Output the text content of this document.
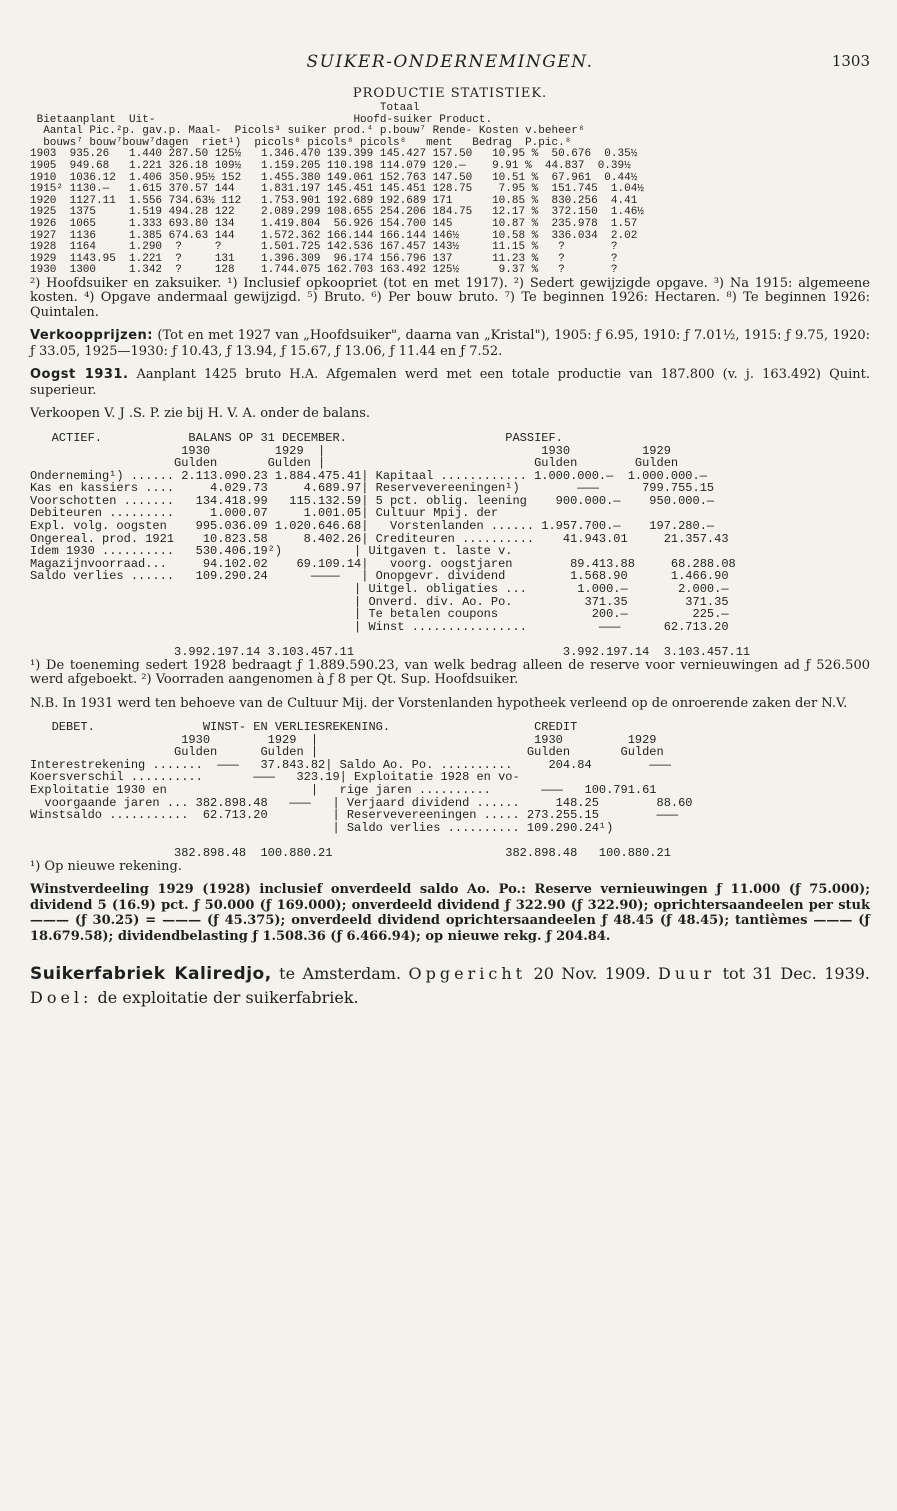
SUIKER-ONDERNEMINGEN.	1303
PRODUCTIE STATISTIEK.
Totaal
Bietaanplant  Uit-                              Hoofd-suiker Product.
Aantal Pic.²p. gav.p. Maal-  Picols³ suiker prod.⁴ p.bouw⁷ Rende- Kosten v.beheer⁸
bouws⁷ bouw⁷bouw⁷dagen  riet¹)  picols⁸ picols⁸ picols⁸   ment   Bedrag  P.pic.⁸
1903  935.26   1.440 287.50 125½   1.346.470 139.399 145.427 157.50   10.95 %  50.676  0.35½
1905  949.68   1.221 326.18 109½   1.159.205 110.198 114.079 120.—    9.91 %  44.837  0.39½
1910  1036.12  1.406 350.95½ 152   1.455.380 149.061 152.763 147.50   10.51 %  67.961  0.44½
1915² 1130.—   1.615 370.57 144    1.831.197 145.451 145.451 128.75    7.95 %  151.745  1.04½
1920  1127.11  1.556 734.63½ 112   1.753.901 192.689 192.689 171      10.85 %  830.256  4.41
1925  1375     1.519 494.28 122    2.089.299 108.655 254.206 184.75   12.17 %  372.150  1.46½
1926  1065     1.333 693.80 134    1.419.804  56.926 154.700 145      10.87 %  235.978  1.57
1927  1136     1.385 674.63 144    1.572.362 166.144 166.144 146½     10.58 %  336.034  2.02
1928  1164     1.290  ?     ?      1.501.725 142.536 167.457 143½     11.15 %   ?       ?
1929  1143.95  1.221  ?     131    1.396.309  96.174 156.796 137      11.23 %   ?       ?
1930  1300     1.342  ?     128    1.744.075 162.703 163.492 125½      9.37 %   ?       ?

²) Hoofdsuiker en zaksuiker. ¹) Inclusief opkoopriet (tot en met 1917). ²) Sedert gewijzigde opgave. ³) Na 1915: algemeene kosten. ⁴) Opgave andermaal gewijzigd. ⁵) Bruto. ⁶) Per bouw bruto. ⁷) Te beginnen 1926: Hectaren. ⁸) Te beginnen 1926: Quintalen.

Verkoopprijzen: (Tot en met 1927 van „Hoofdsuiker", daarna van „Kristal"), 1905: ƒ 6.95, 1910: ƒ 7.01½, 1915: ƒ 9.75, 1920: ƒ 33.05, 1925—1930: ƒ 10.43, ƒ 13.94, ƒ 15.67, ƒ 13.06, ƒ 11.44 en ƒ 7.52.

Oogst 1931. Aanplant 1425 bruto H.A. Afgemalen werd met een totale productie van 187.800 (v. j. 163.492) Quint. superieur.

Verkoopen V. J .S. P. zie bij H. V. A. onder de balans.

ACTIEF.            BALANS OP 31 DECEMBER.                      PASSIEF.
1930         1929  |                              1930          1929
Gulden       Gulden |                             Gulden        Gulden
Onderneming¹) ...... 2.113.090.23 1.884.475.41| Kapitaal ............ 1.000.000.—  1.000.000.—
Kas en kassiers ....     4.029.73     4.689.97| Reservevereeningen¹)        ———      799.755.15
Voorschotten .......   134.418.99   115.132.59| 5 pct. oblig. leening    900.000.—    950.000.—
Debiteuren .........     1.000.07     1.001.05| Cultuur Mpij. der
Expl. volg. oogsten    995.036.09 1.020.646.68|   Vorstenlanden ...... 1.957.700.—    197.280.—
Ongereal. prod. 1921    10.823.58     8.402.26| Crediteuren ..........    41.943.01     21.357.43
Idem 1930 ..........   530.406.19²)          | Uitgaven t. laste v.
Magazijnvoorraad...     94.102.02    69.109.14|   voorg. oogstjaren        89.413.88     68.288.08
Saldo verlies ......   109.290.24      ————   | Onopgevr. dividend         1.568.90      1.466.90
| Uitgel. obligaties ...       1.000.—       2.000.—
| Onverd. div. Ao. Po.          371.35        371.35
| Te betalen coupons             200.—         225.—
| Winst ................          ———      62.713.20

3.992.197.14 3.103.457.11                             3.992.197.14  3.103.457.11

¹) De toeneming sedert 1928 bedraagt ƒ 1.889.590.23, van welk bedrag alleen de reserve voor vernieuwingen ad ƒ 526.500 werd afgeboekt. ²) Voorraden aangenomen à ƒ 8 per Qt. Sup. Hoofdsuiker.

N.B. In 1931 werd ten behoeve van de Cultuur Mij. der Vorstenlanden hypotheek verleend op de onroerende zaken der N.V.

DEBET.               WINST- EN VERLIESREKENING.                    CREDIT
1930        1929  |                              1930         1929
Gulden      Gulden |                             Gulden       Gulden
Interestrekening .......  ———   37.843.82| Saldo Ao. Po. ..........     204.84        ———
Koersverschil ..........       ———   323.19| Exploitatie 1928 en vo-
Exploitatie 1930 en                    |   rige jaren ..........       ———   100.791.61
voorgaande jaren ... 382.898.48   ———   | Verjaard dividend ......     148.25        88.60
Winstsaldo ...........  62.713.20         | Reservevereeningen ..... 273.255.15        ———
| Saldo verlies .......... 109.290.24¹)

382.898.48  100.880.21                        382.898.48   100.880.21

¹) Op nieuwe rekening.

Winstverdeeling 1929 (1928) inclusief onverdeeld saldo Ao. Po.: Reserve vernieuwingen ƒ 11.000 (ƒ 75.000); dividend 5 (16.9) pct. ƒ 50.000 (ƒ 169.000); onverdeeld dividend ƒ 322.90 (ƒ 322.90); oprichtersaandeelen per stuk ——— (ƒ 30.25) = ——— (ƒ 45.375); onverdeeld dividend oprichtersaandeelen ƒ 48.45 (ƒ 48.45); tantièmes ——— (ƒ 18.679.58); dividendbelasting ƒ 1.508.36 (ƒ 6.466.94); op nieuwe rekg. ƒ 204.84.

Suikerfabriek Kaliredjo, te Amsterdam. Opgericht 20 Nov. 1909. Duur tot 31 Dec. 1939. Doel: de exploitatie der suikerfabriek.
